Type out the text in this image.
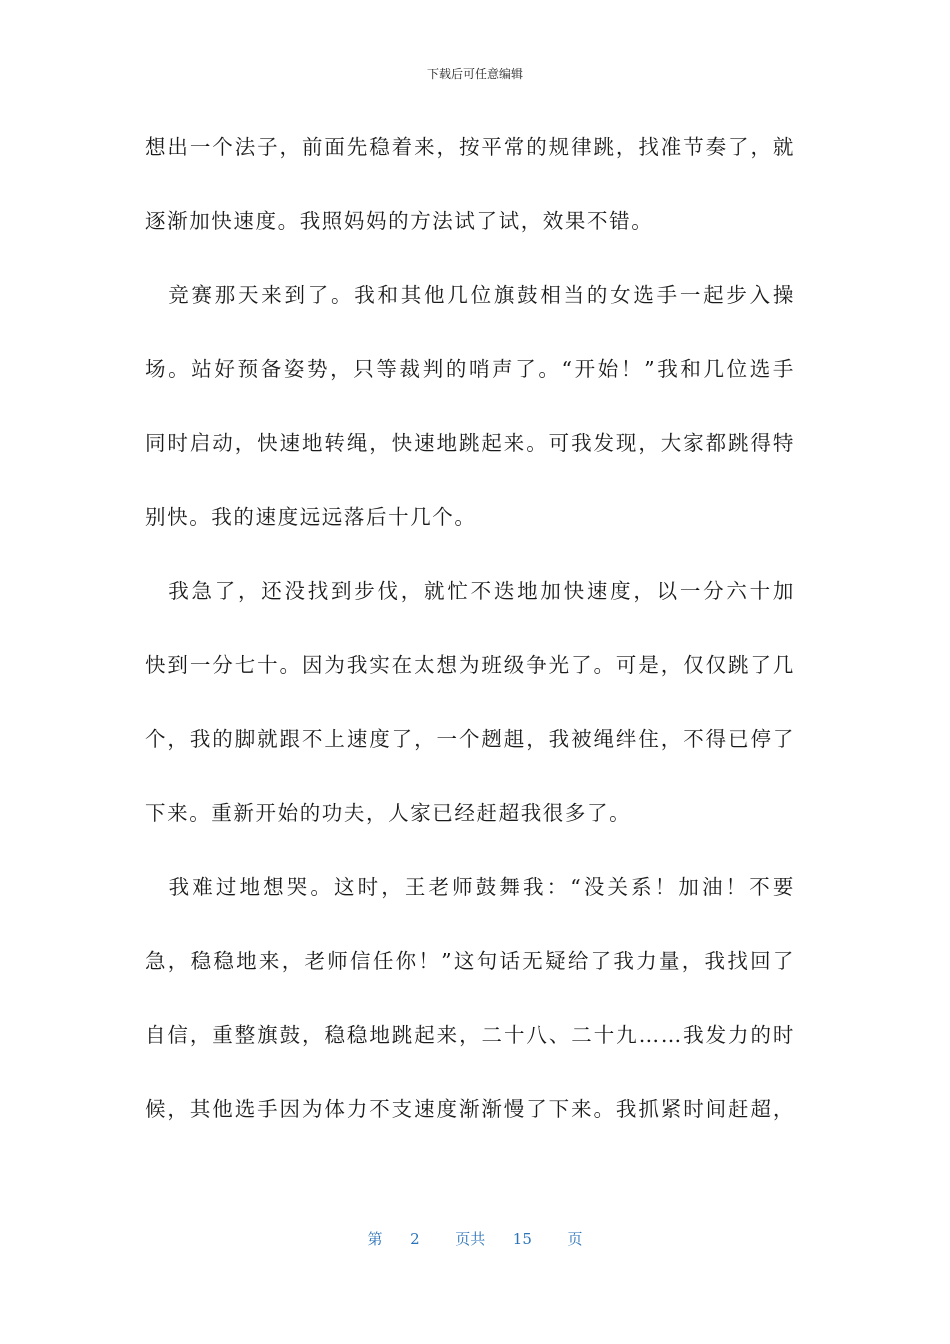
下载后可任意编辑
想出一个法子，前面先稳着来，按平常的规律跳，找准节奏了，就
逐渐加快速度。我照妈妈的方法试了试，效果不错。
　竞赛那天来到了。我和其他几位旗鼓相当的女选手一起步入操
场。站好预备姿势，只等裁判的哨声了。“开始！”我和几位选手
同时启动，快速地转绳，快速地跳起来。可我发现，大家都跳得特
别快。我的速度远远落后十几个。
　我急了，还没找到步伐，就忙不迭地加快速度，以一分六十加
快到一分七十。因为我实在太想为班级争光了。可是，仅仅跳了几
个，我的脚就跟不上速度了，一个趔趄，我被绳绊住，不得已停了
下来。重新开始的功夫，人家已经赶超我很多了。
　我难过地想哭。这时，王老师鼓舞我：“没关系！加油！不要
急，稳稳地来，老师信任你！”这句话无疑给了我力量，我找回了
自信，重整旗鼓，稳稳地跳起来，二十八、二十九……我发力的时
候，其他选手因为体力不支速度渐渐慢了下来。我抓紧时间赶超，
第 2 页共 15 页
